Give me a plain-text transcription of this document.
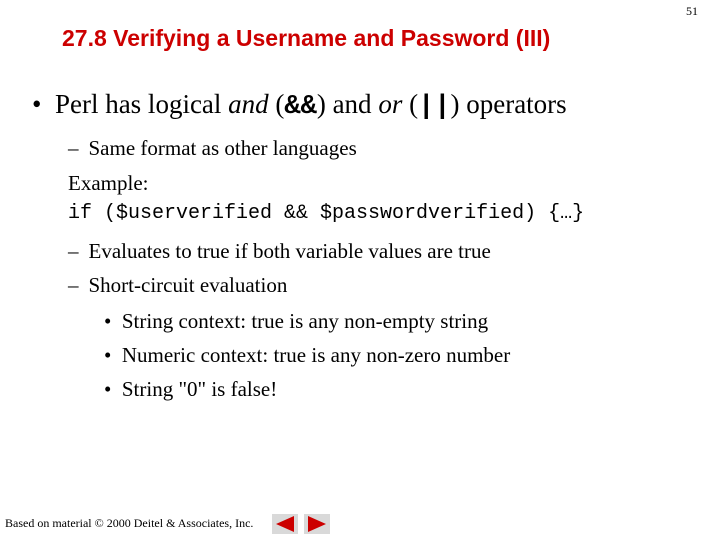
51
27.8 Verifying a Username and Password (III)
• Perl has logical and (&&) and or (||) operators
– Same format as other languages
Example:
if ($userverified && $passwordverified) {…}
– Evaluates to true if both variable values are true
– Short-circuit evaluation
• String context: true is any non-empty string
• Numeric context: true is any non-zero number
• String "0" is false!
Based on material © 2000 Deitel & Associates, Inc.
